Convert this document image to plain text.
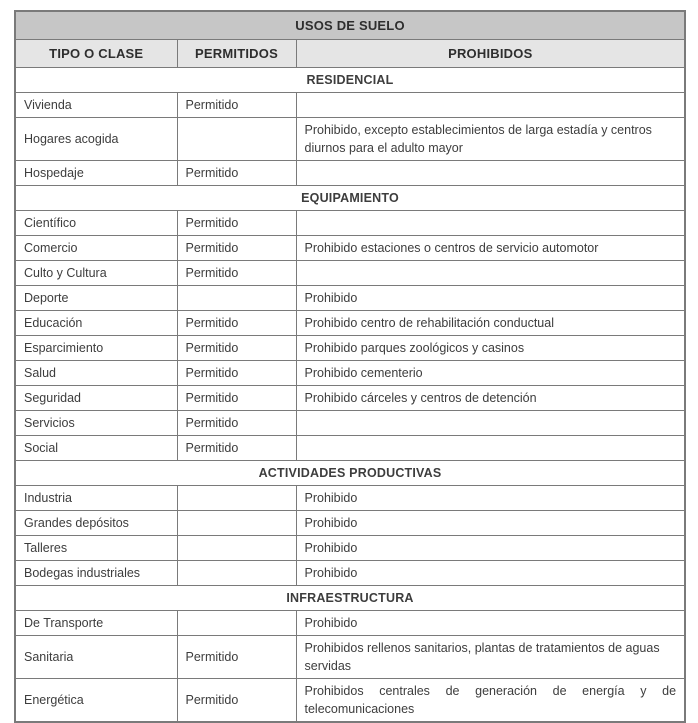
USOS DE SUELO		
TIPO O CLASE	PERMITIDOS	PROHIBIDOS
RESIDENCIAL		
Vivienda	Permitido	
Hogares acogida		Prohibido, excepto establecimientos de larga estadía y centros diurnos para el adulto mayor
Hospedaje	Permitido	
EQUIPAMIENTO		
Científico	Permitido	
Comercio	Permitido	Prohibido estaciones o centros de servicio automotor
Culto y Cultura	Permitido	
Deporte		Prohibido
Educación	Permitido	Prohibido centro de rehabilitación conductual
Esparcimiento	Permitido	Prohibido parques zoológicos y casinos
Salud	Permitido	Prohibido cementerio
Seguridad	Permitido	Prohibido cárceles y centros de detención
Servicios	Permitido	
Social	Permitido	
ACTIVIDADES PRODUCTIVAS		
Industria		Prohibido
Grandes depósitos		Prohibido
Talleres		Prohibido
Bodegas industriales		Prohibido
INFRAESTRUCTURA		
De Transporte		Prohibido
Sanitaria	Permitido	Prohibidos rellenos sanitarios, plantas de tratamientos de aguas servidas
Energética	Permitido	Prohibidos centrales de generación de energía y de telecomunicaciones
